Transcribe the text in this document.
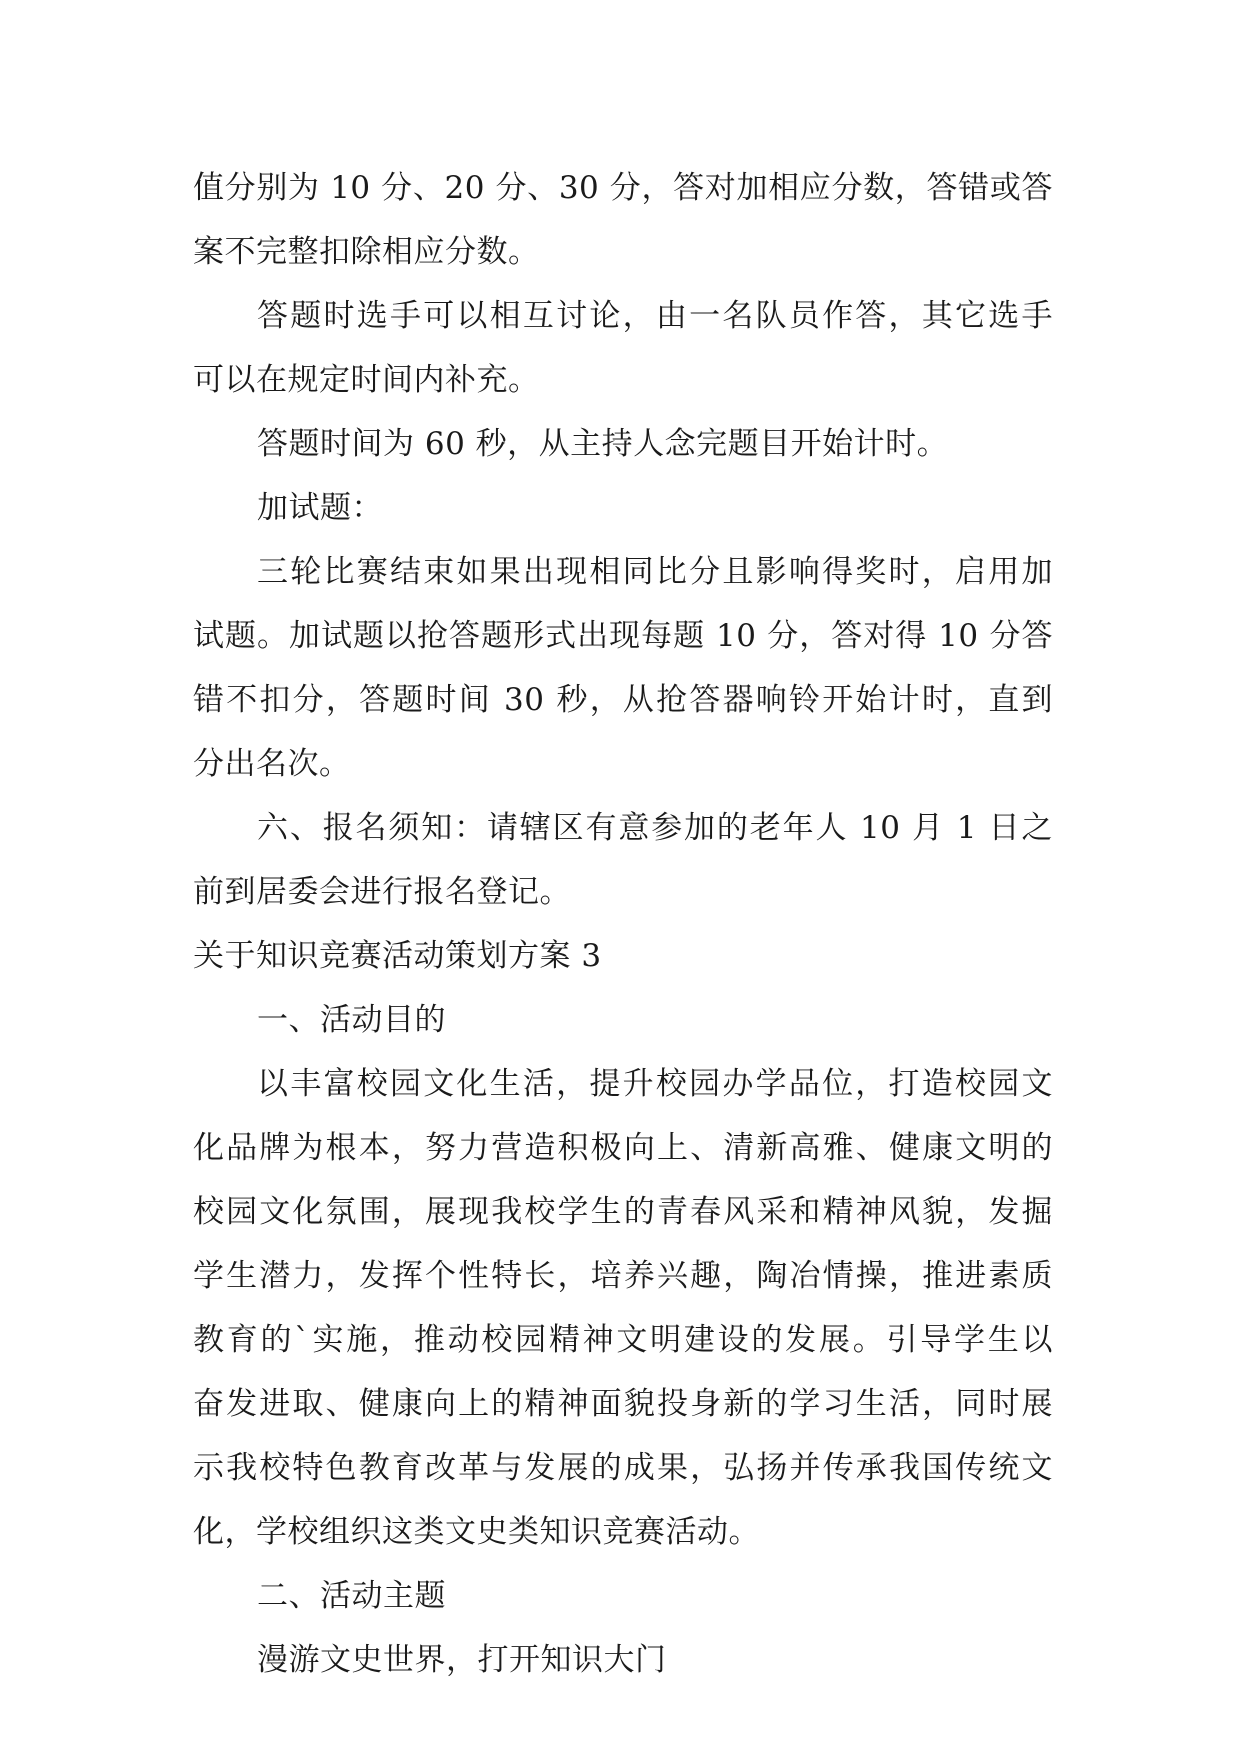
值分别为 10 分、20 分、30 分，答对加相应分数，答错或答
案不完整扣除相应分数。
答题时选手可以相互讨论，由一名队员作答，其它选手
可以在规定时间内补充。
答题时间为 60 秒，从主持人念完题目开始计时。
加试题：
三轮比赛结束如果出现相同比分且影响得奖时，启用加
试题。加试题以抢答题形式出现每题 10 分，答对得 10 分答
错不扣分，答题时间 30 秒，从抢答器响铃开始计时，直到
分出名次。
六、报名须知：请辖区有意参加的老年人 10 月 1 日之
前到居委会进行报名登记。
关于知识竞赛活动策划方案 3
一、活动目的
以丰富校园文化生活，提升校园办学品位，打造校园文
化品牌为根本，努力营造积极向上、清新高雅、健康文明的
校园文化氛围，展现我校学生的青春风采和精神风貌，发掘
学生潜力，发挥个性特长，培养兴趣，陶冶情操，推进素质
教育的`实施，推动校园精神文明建设的发展。引导学生以
奋发进取、健康向上的精神面貌投身新的学习生活，同时展
示我校特色教育改革与发展的成果，弘扬并传承我国传统文
化，学校组织这类文史类知识竞赛活动。
二、活动主题
漫游文史世界，打开知识大门
